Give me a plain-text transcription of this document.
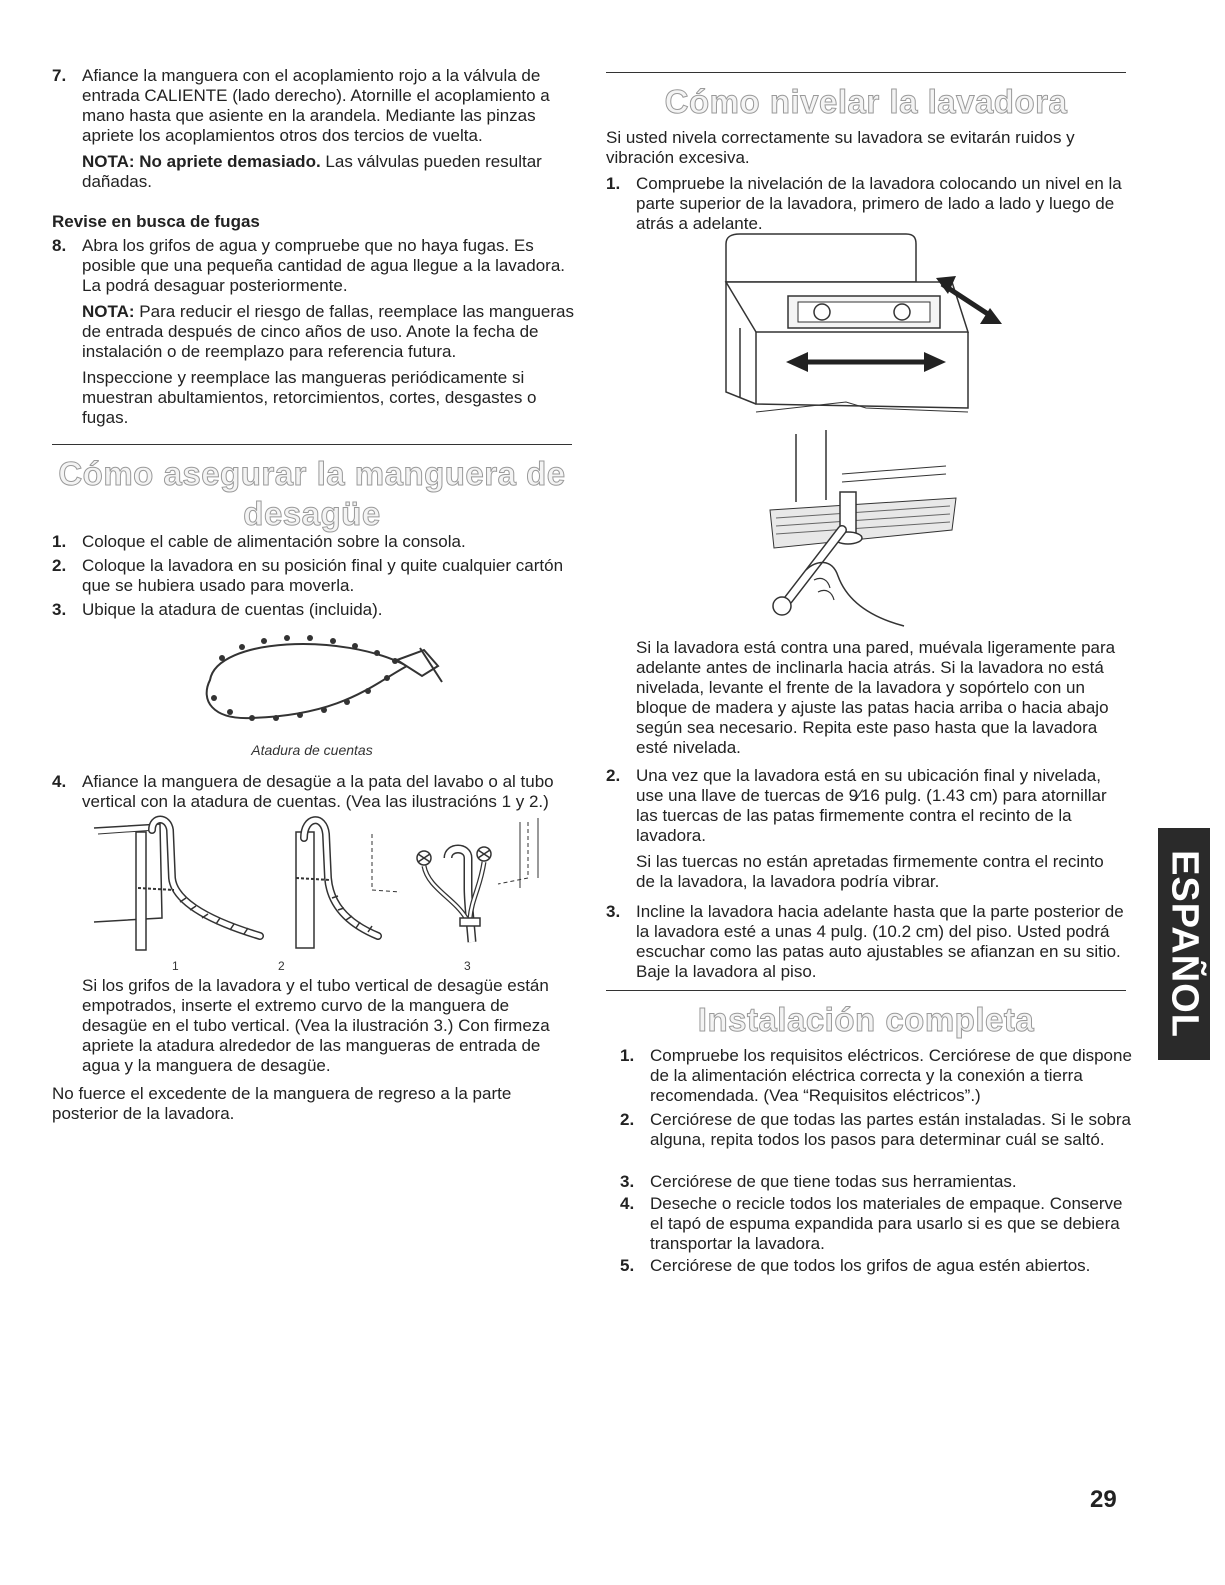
7. Afiance la manguera con el acoplamiento rojo a la válvula de entrada CALIENTE (lado derecho). Atornille el acoplamiento a mano hasta que asiente en la arandela. Mediante las pinzas apriete los acoplamientos otros dos tercios de vuelta.
NOTA: No apriete demasiado. Las válvulas pueden resultar dañadas.
Revise en busca de fugas
8. Abra los grifos de agua y compruebe que no haya fugas. Es posible que una pequeña cantidad de agua llegue a la lavadora. La podrá desaguar posteriormente.
NOTA: Para reducir el riesgo de fallas, reemplace las mangueras de entrada después de cinco años de uso. Anote la fecha de instalación o de reemplazo para referencia futura.
Inspeccione y reemplace las mangueras periódicamente si muestran abultamientos, retorcimientos, cortes, desgastes o fugas.
Cómo asegurar la manguera de desagüe
1. Coloque el cable de alimentación sobre la consola.
2. Coloque la lavadora en su posición final y quite cualquier cartón que se hubiera usado para moverla.
3. Ubique la atadura de cuentas (incluida).
Atadura de cuentas
4. Afiance la manguera de desagüe a la pata del lavabo o al tubo vertical con la atadura de cuentas. (Vea las ilustracións 1 y 2.)
1	2	3
Si los grifos de la lavadora y el tubo vertical de desagüe están empotrados, inserte el extremo curvo de la manguera de desagüe en el tubo vertical. (Vea la ilustración 3.) Con firmeza apriete la atadura alrededor de las mangueras de entrada de agua y la manguera de desagüe.
No fuerce el excedente de la manguera de regreso a la parte posterior de la lavadora.
Cómo nivelar la lavadora
Si usted nivela correctamente su lavadora se evitarán ruidos y vibración excesiva.
1. Compruebe la nivelación de la lavadora colocando un nivel en la parte superior de la lavadora, primero de lado a lado y luego de atrás a adelante.
Si la lavadora está contra una pared, muévala ligeramente para adelante antes de inclinarla hacia atrás. Si la lavadora no está nivelada, levante el frente de la lavadora y sopórtelo con un bloque de madera y ajuste las patas hacia arriba o hacia abajo según sea necesario. Repita este paso hasta que la lavadora esté nivelada.
2. Una vez que la lavadora está en su ubicación final y nivelada, use una llave de tuercas de 9⁄16 pulg. (1.43 cm) para atornillar las tuercas de las patas firmemente contra el recinto de la lavadora.
Si las tuercas no están apretadas firmemente contra el recinto de la lavadora, la lavadora podría vibrar.
3. Incline la lavadora hacia adelante hasta que la parte posterior de la lavadora esté a unas 4 pulg. (10.2 cm) del piso. Usted podrá escuchar como las patas auto ajustables se afianzan en su sitio. Baje la lavadora al piso.
Instalación completa
1. Compruebe los requisitos eléctricos. Cerciórese de que dispone de la alimentación eléctrica correcta y la conexión a tierra recomendada. (Vea “Requisitos eléctricos”.)
2. Cerciórese de que todas las partes están instaladas. Si le sobra alguna, repita todos los pasos para determinar cuál se saltó.
3. Cerciórese de que tiene todas sus herramientas.
4. Deseche o recicle todos los materiales de empaque. Conserve el tapó de espuma expandida para usarlo si es que se debiera transportar la lavadora.
5. Cerciórese de que todos los grifos de agua estén abiertos.
ESPAÑOL
29
